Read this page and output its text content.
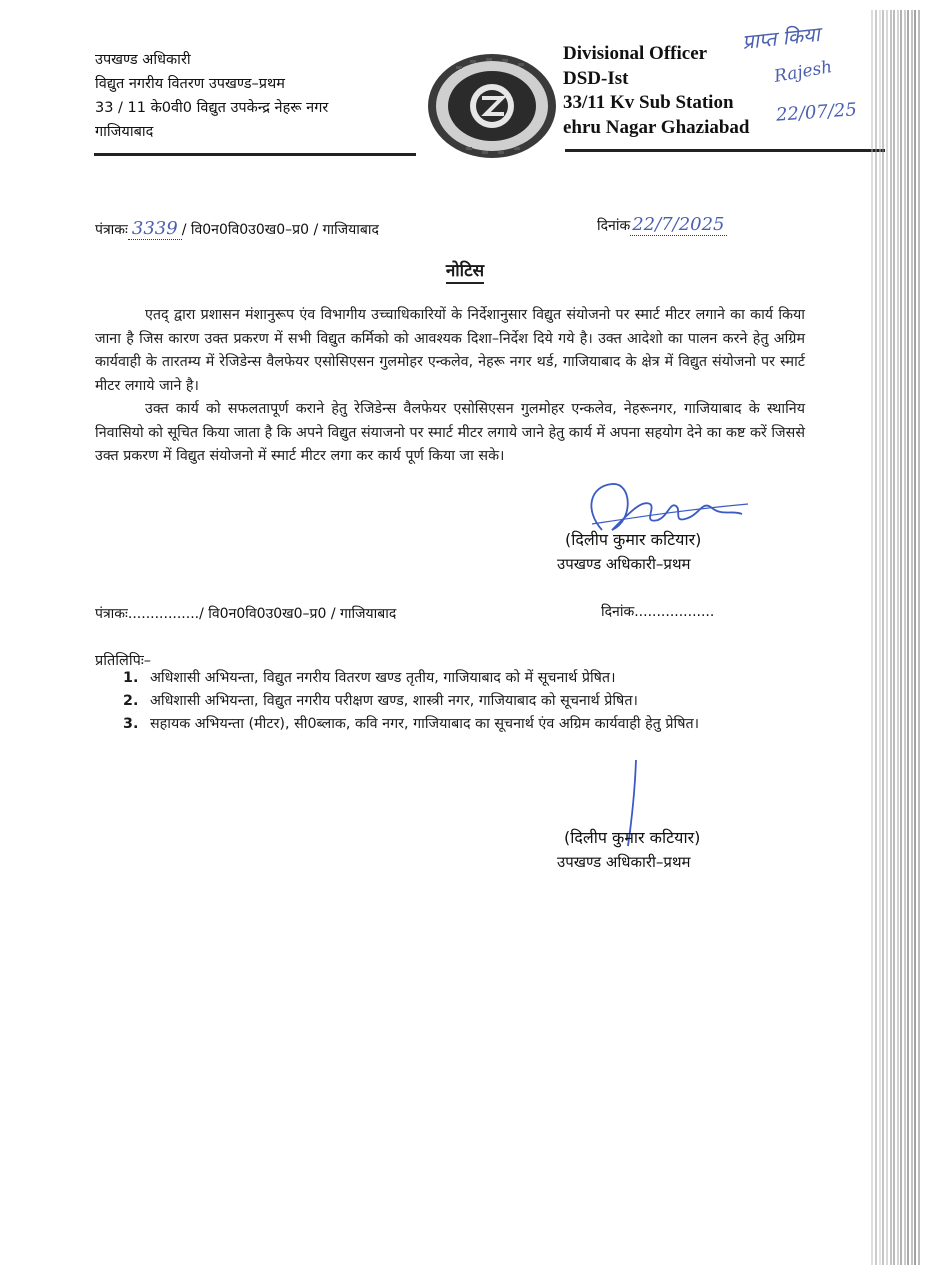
उपखण्ड अधिकारी
विद्युत नगरीय वितरण उपखण्ड–प्रथम
33 / 11 के0वी0 विद्युत उपकेन्द्र नेहरू नगर
गाजियाबाद
Divisional Officer
DSD-Ist
33/11 Kv Sub Station
ehru Nagar Ghaziabad
प्राप्त किया
Rajesh
22/07/25
पंत्राकः 3339 / वि0न0वि0उ0ख0–प्र0 / गाजियाबाद	दिनांक 22/7/2025
नोटिस

एतद् द्वारा प्रशासन मंशानुरूप एंव विभागीय उच्चाधिकारियों के निर्देशानुसार विद्युत संयोजनो पर स्मार्ट मीटर लगाने का कार्य किया जाना है जिस कारण उक्त प्रकरण में सभी विद्युत कर्मिको को आवश्यक दिशा–निर्देश दिये गये है। उक्त आदेशो का पालन करने हेतु अग्रिम कार्यवाही के तारतम्य में रेजिडेन्स वैलफेयर एसोसिएसन गुलमोहर एन्कलेव, नेहरू नगर थर्ड, गाजियाबाद के क्षेत्र में विद्युत संयोजनो पर स्मार्ट मीटर लगाये जाने है।

उक्त कार्य को सफलतापूर्ण कराने हेतु रेजिडेन्स वैलफेयर एसोसिएसन गुलमोहर एन्कलेव, नेहरूनगर, गाजियाबाद के स्थानिय निवासियो को सूचित किया जाता है कि अपने विद्युत संयाजनो पर स्मार्ट मीटर लगाये जाने हेतु कार्य में अपना सहयोग देने का कष्ट करें जिससे उक्त प्रकरण में विद्युत संयोजनो में स्मार्ट मीटर लगा कर कार्य पूर्ण किया जा सके।

(दिलीप कुमार कटियार)
उपखण्ड अधिकारी–प्रथम
पंत्राकः................/ वि0न0वि0उ0ख0–प्र0 / गाजियाबाद	दिनांक..................
प्रतिलिपिः–
1. अधिशासी अभियन्ता, विद्युत नगरीय वितरण खण्ड तृतीय, गाजियाबाद को में सूचनार्थ प्रेषित।
2. अधिशासी अभियन्ता, विद्युत नगरीय परीक्षण खण्ड, शास्त्री नगर, गाजियाबाद को सूचनार्थ प्रेषित।
3. सहायक अभियन्ता (मीटर), सी0ब्लाक, कवि नगर, गाजियाबाद का सूचनार्थ एंव अग्रिम कार्यवाही हेतु प्रेषित।
(दिलीप कुमार कटियार)
उपखण्ड अधिकारी–प्रथम
